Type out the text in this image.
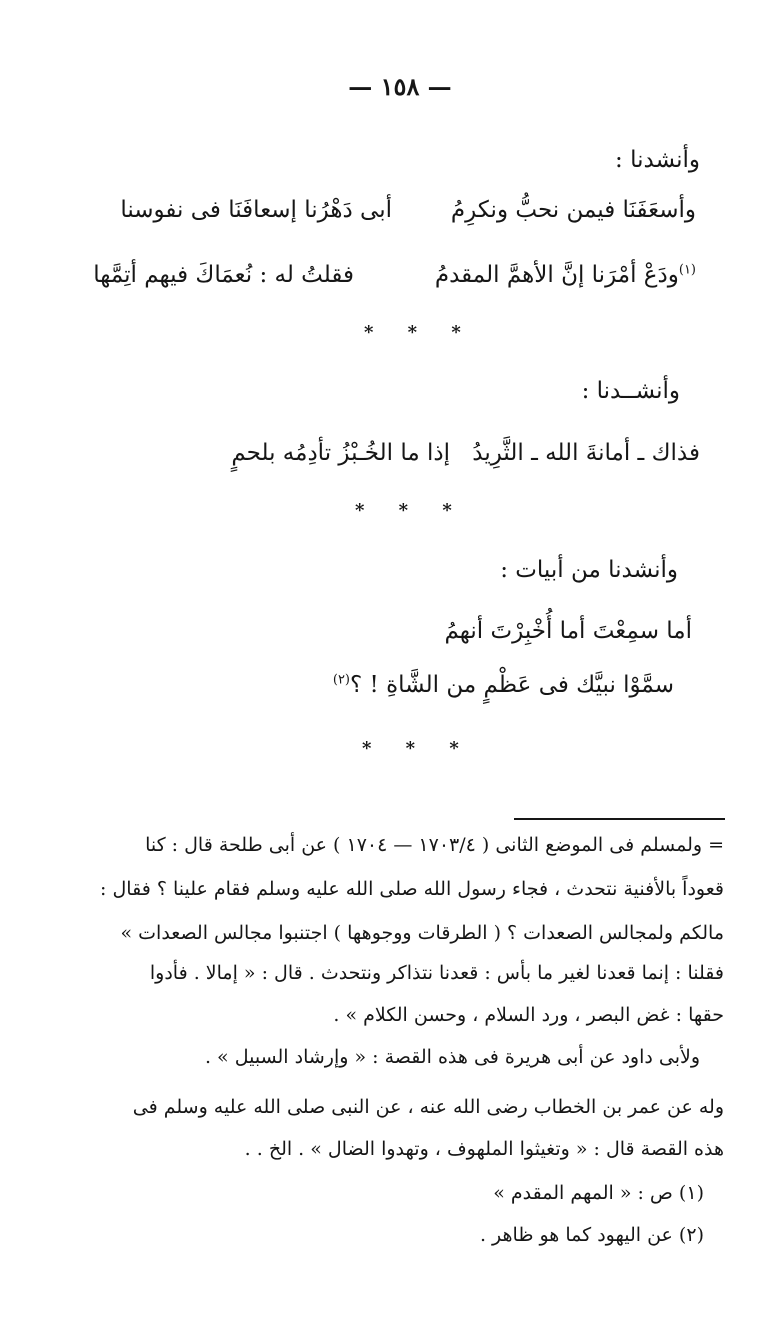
— ١٥٨ —
وأنشدنا :
أبى دَهْرُنا إسعافَنَا فى نفوسنا	وأسعَفَنَا فيمن نحبُّ ونكرِمُ
فقلتُ له : نُعمَاكَ فيهم أتِمَّها	$^{(١)}$ودَعْ أمْرَنا إنَّ الأهمَّ المقدمُ
* * *
وأنشــدنا :
إذا ما الخُـبْزُ تأدِمُه بلحمٍ فذاك ـ أمانةَ الله ـ الثَّرِيدُ
* * *
وأنشدنا من أبيات :
أما سمِعْتَ أما أُخْبِرْتَ أنهمُ
سمَّوْا نبيَّك فى عَظْمٍ من الشَّاةِ ! ؟$^{(٢)}$
* * *
= ولمسلم فى الموضع الثانى ( ١٧٠٣/٤ — ١٧٠٤ ) عن أبى طلحة قال : كنا
قعوداً بالأفنية نتحدث ، فجاء رسول الله صلى الله عليه وسلم فقام علينا ؟ فقال :
مالكم ولمجالس الصعدات ؟ ( الطرقات ووجوهها ) اجتنبوا مجالس الصعدات »
فقلنا : إنما قعدنا لغير ما بأس : قعدنا نتذاكر ونتحدث . قال : « إمالا . فأدوا
حقها : غض البصر ، ورد السلام ، وحسن الكلام » .
ولأبى داود عن أبى هريرة فى هذه القصة : « وإرشاد السبيل » .
وله عن عمر بن الخطاب رضى الله عنه ، عن النبى صلى الله عليه وسلم فى
هذه القصة قال : « وتغيثوا الملهوف ، وتهدوا الضال » . الخ . .
(١) ص : « المهم المقدم »
(٢) عن اليهود كما هو ظاهر .
